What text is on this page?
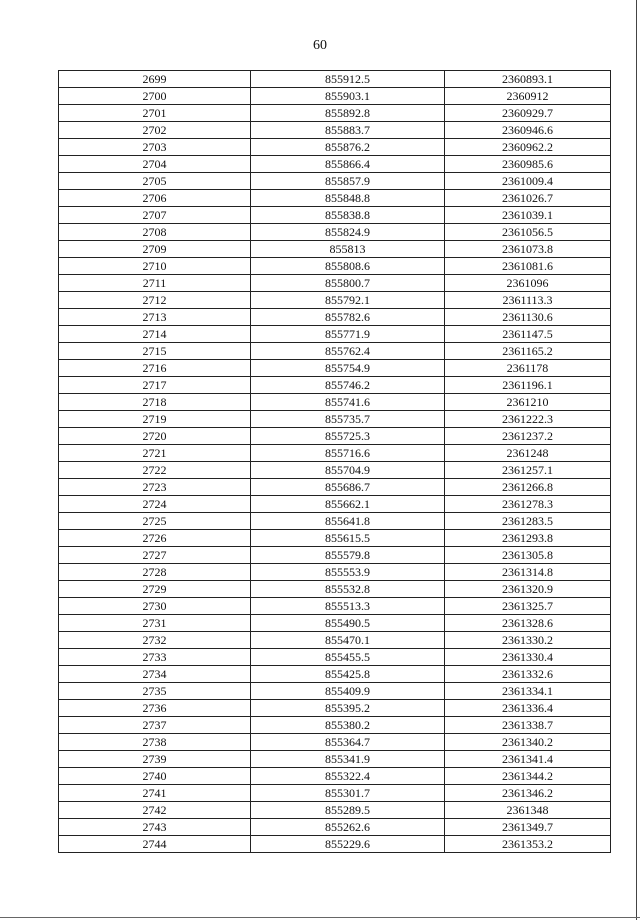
60
2699	855912.5	2360893.1
2700	855903.1	2360912
2701	855892.8	2360929.7
2702	855883.7	2360946.6
2703	855876.2	2360962.2
2704	855866.4	2360985.6
2705	855857.9	2361009.4
2706	855848.8	2361026.7
2707	855838.8	2361039.1
2708	855824.9	2361056.5
2709	855813	2361073.8
2710	855808.6	2361081.6
2711	855800.7	2361096
2712	855792.1	2361113.3
2713	855782.6	2361130.6
2714	855771.9	2361147.5
2715	855762.4	2361165.2
2716	855754.9	2361178
2717	855746.2	2361196.1
2718	855741.6	2361210
2719	855735.7	2361222.3
2720	855725.3	2361237.2
2721	855716.6	2361248
2722	855704.9	2361257.1
2723	855686.7	2361266.8
2724	855662.1	2361278.3
2725	855641.8	2361283.5
2726	855615.5	2361293.8
2727	855579.8	2361305.8
2728	855553.9	2361314.8
2729	855532.8	2361320.9
2730	855513.3	2361325.7
2731	855490.5	2361328.6
2732	855470.1	2361330.2
2733	855455.5	2361330.4
2734	855425.8	2361332.6
2735	855409.9	2361334.1
2736	855395.2	2361336.4
2737	855380.2	2361338.7
2738	855364.7	2361340.2
2739	855341.9	2361341.4
2740	855322.4	2361344.2
2741	855301.7	2361346.2
2742	855289.5	2361348
2743	855262.6	2361349.7
2744	855229.6	2361353.2
